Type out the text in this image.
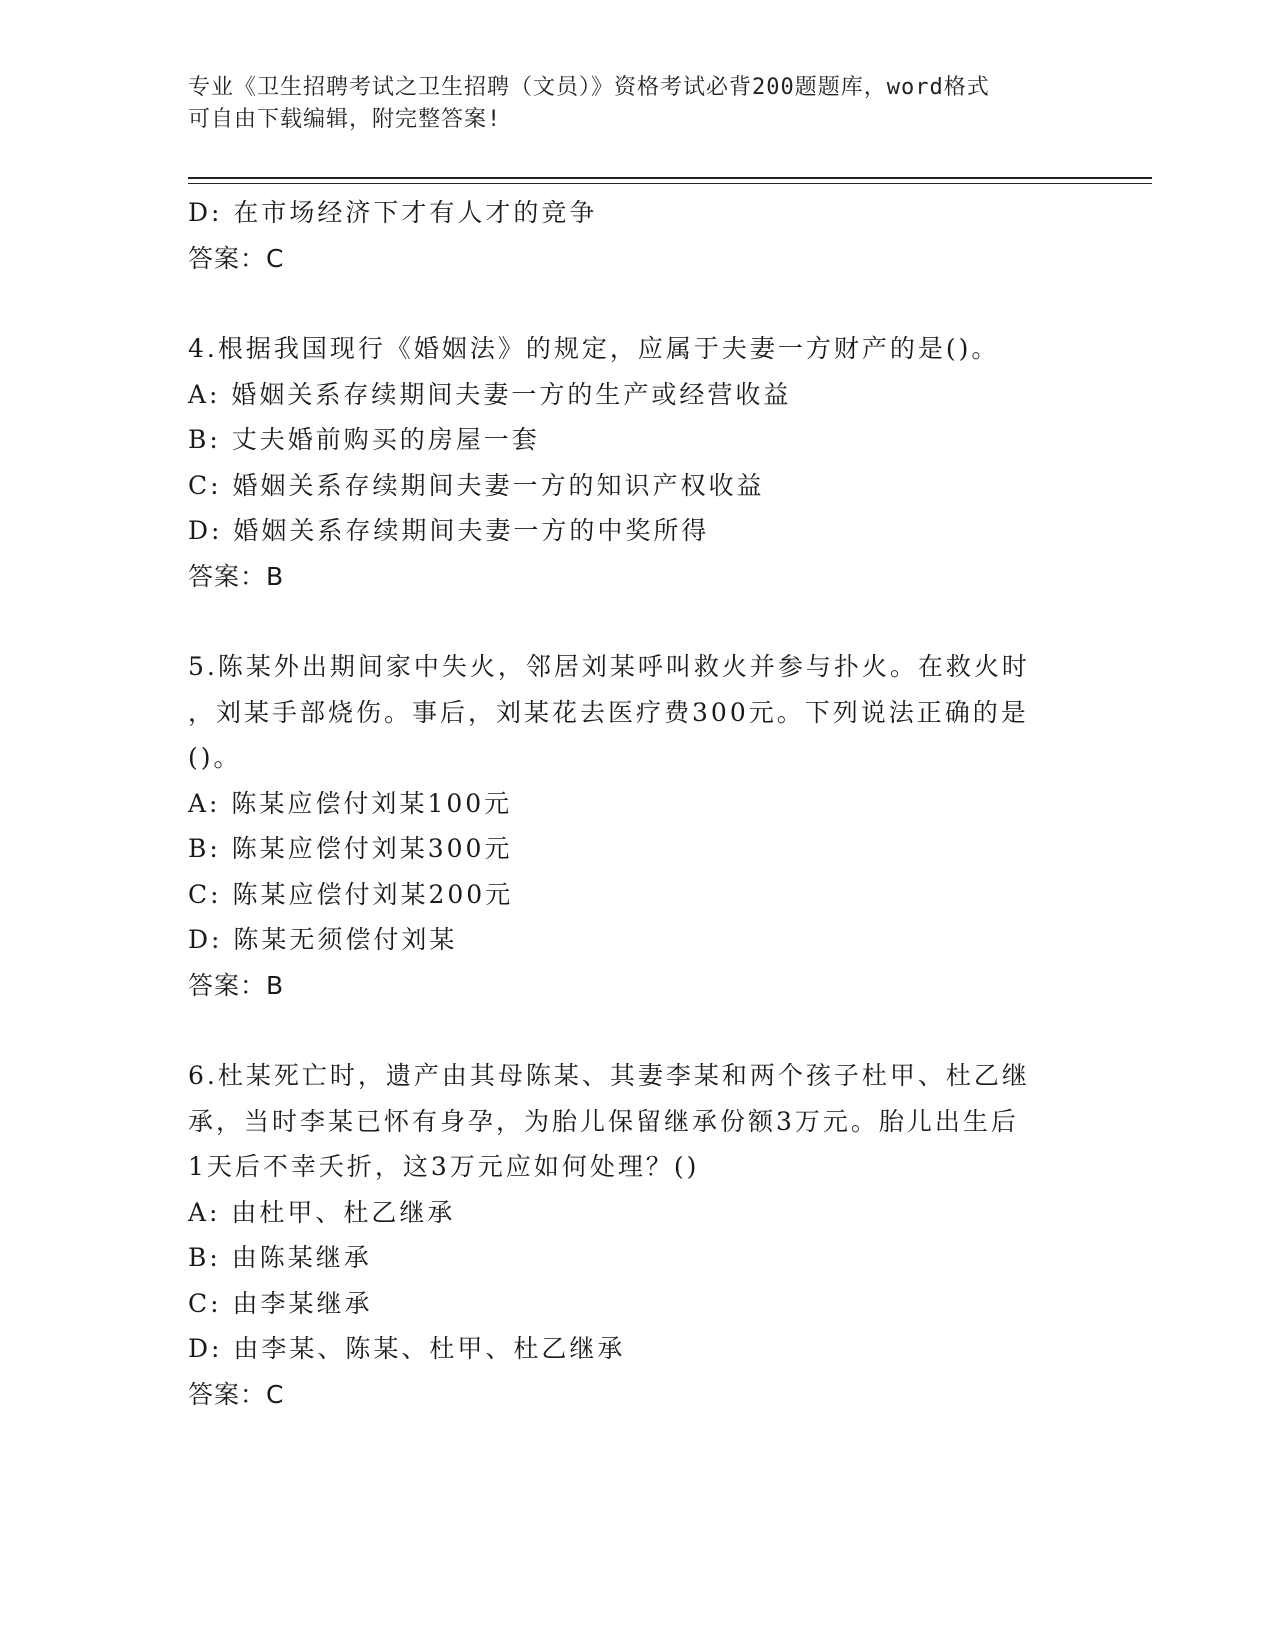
专业《卫生招聘考试之卫生招聘（文员）》资格考试必背200题题库，word格式
可自由下载编辑，附完整答案!
D: 在市场经济下才有人才的竞争
答案：C
4.根据我国现行《婚姻法》的规定，应属于夫妻一方财产的是()。
A: 婚姻关系存续期间夫妻一方的生产或经营收益
B: 丈夫婚前购买的房屋一套
C: 婚姻关系存续期间夫妻一方的知识产权收益
D: 婚姻关系存续期间夫妻一方的中奖所得
答案：B
5.陈某外出期间家中失火，邻居刘某呼叫救火并参与扑火。在救火时
，刘某手部烧伤。事后，刘某花去医疗费300元。下列说法正确的是
()。
A: 陈某应偿付刘某100元
B: 陈某应偿付刘某300元
C: 陈某应偿付刘某200元
D: 陈某无须偿付刘某
答案：B
6.杜某死亡时，遗产由其母陈某、其妻李某和两个孩子杜甲、杜乙继
承，当时李某已怀有身孕，为胎儿保留继承份额3万元。胎儿出生后
1天后不幸夭折，这3万元应如何处理？()
A: 由杜甲、杜乙继承
B: 由陈某继承
C: 由李某继承
D: 由李某、陈某、杜甲、杜乙继承
答案：C
